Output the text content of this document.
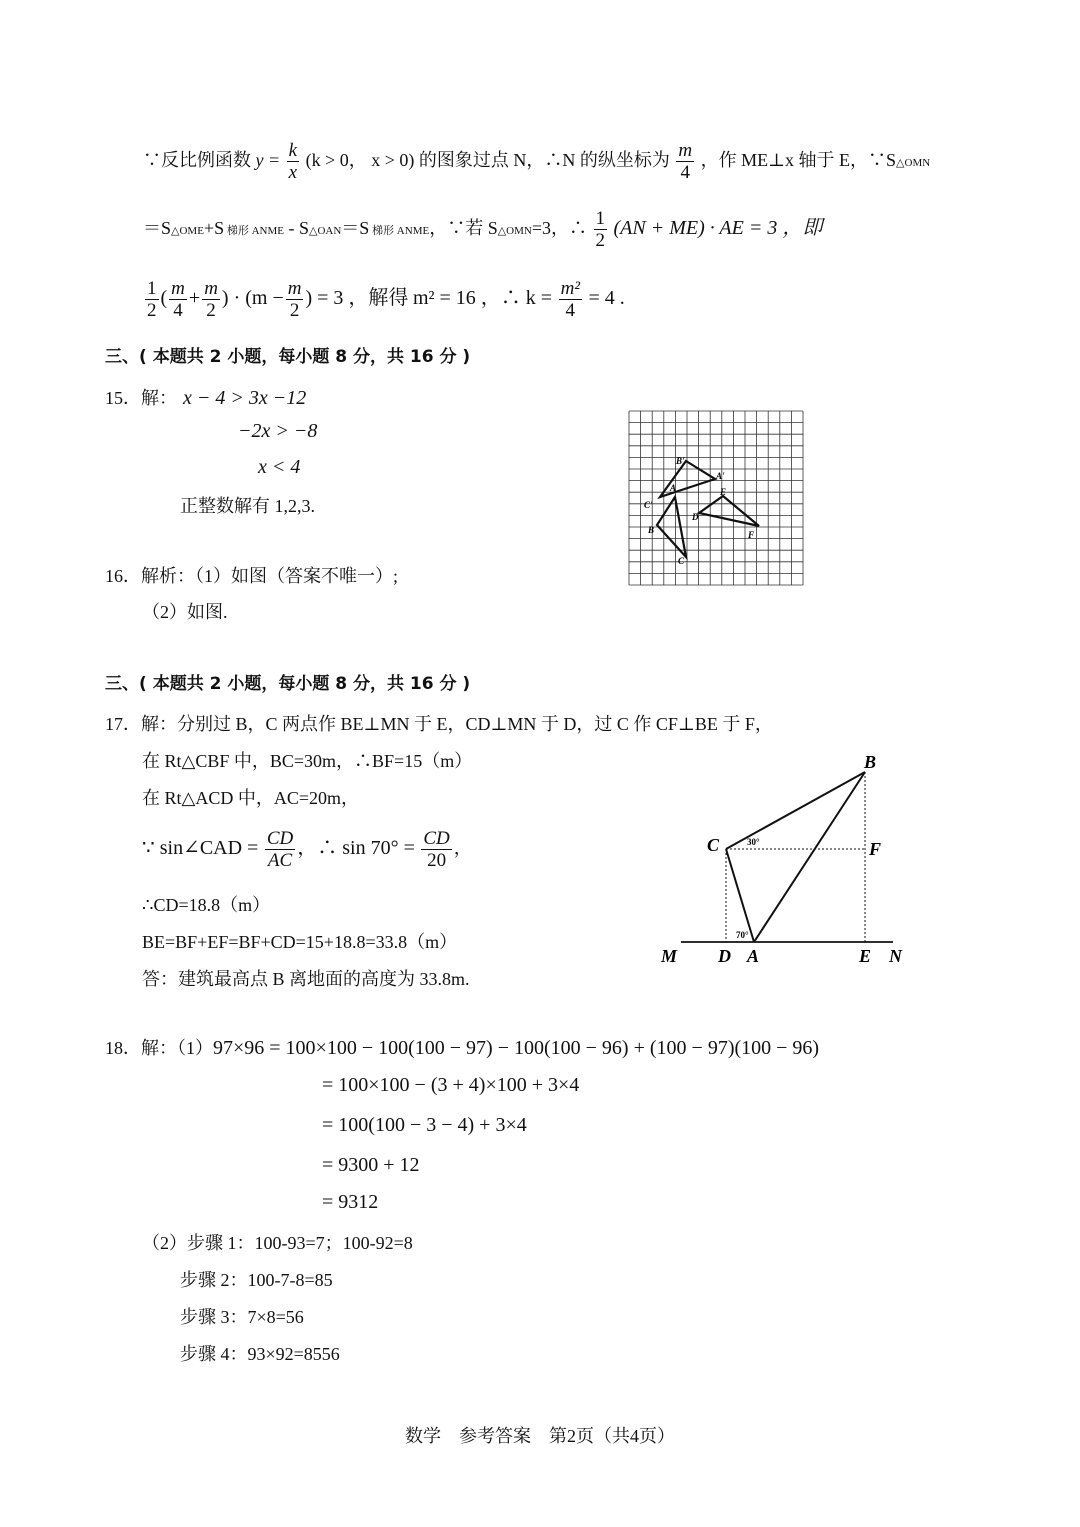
∵反比例函数 $y = \frac{k}{x} (k > 0$， x > 0) 的图象过点 N，∴N 的纵坐标为 $\frac{m}{4}$ ，作 ME⊥x 轴于 E，∵S△OMN
＝S△OME+S 梯形 ANME - S△OAN＝S 梯形 ANME，∵若 S△OMN=3，∴ $\frac{1}{2} (AN + ME)$ · AE = 3 ，即
$\frac{1}{2}$ ( $\frac{m}{4} + \frac{m}{2}$ ) · ($m - \frac{m}{2}$ ) = 3 ，解得 m² = 16 ，∴ $k = \frac{\text{m²}}{4} = 4$ .
三、( 本题共 2 小题，每小题 8 分，共 16 分 )
15．解： x − 4 > 3x −12
−2x > −8
x < 4
正整数解有 1,2,3.
B'
A'
A	E
C'
D
B	F
C
16．解析：（1）如图（答案不唯一）;
（2）如图.
三、( 本题共 2 小题，每小题 8 分，共 16 分 )
17．解：分别过 B，C 两点作 BE⊥MN 于 E，CD⊥MN 于 D，过 C 作 CF⊥BE 于 F，
在 Rt△CBF 中，BC=30m，∴BF=15（m）
在 Rt△ACD 中，AC=20m，
∵ sin∠CAD = $\frac{CD}{AC}$ ，∴ $\sin 70^\circ = \frac{CD}{20}$ ，
∴CD=18.8（m）
BE=BF+EF=BF+CD=15+18.8=33.8（m）
答：建筑最高点 B 离地面的高度为 33.8m.
B
C	F
30°
70°
M D A	E N
18．解：（1）97×96 = 100×100 − 100(100 − 97) − 100(100 − 96) + (100 − 97)(100 − 96)
= 100×100 − (3 + 4)×100 + 3×4
= 100(100 − 3 − 4) + 3×4
= 9300 + 12
= 9312
（2）步骤 1：100-93=7；100-92=8
步骤 2：100-7-8=85
步骤 3：7×8=56
步骤 4：93×92=8556
数学　参考答案　第2页（共4页）
